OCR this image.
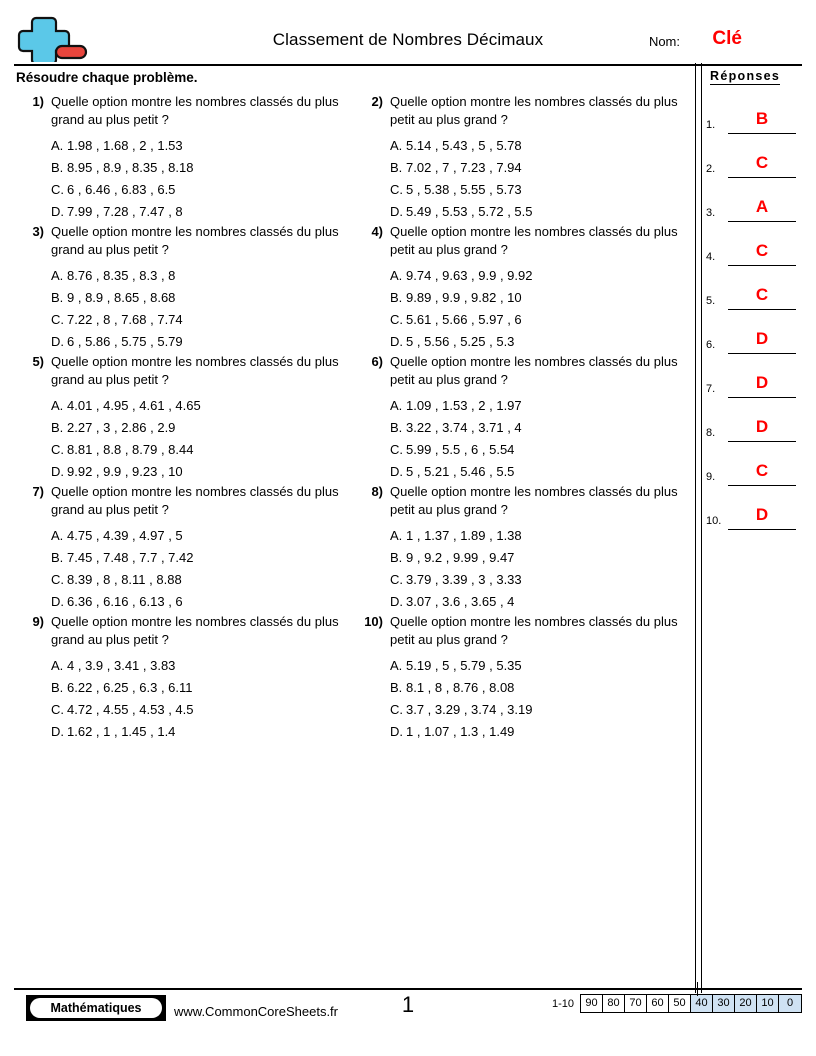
Classement de Nombres Décimaux	Nom: Clé
Résoudre chaque problème.
1) Quelle option montre les nombres classés du plus grand au plus petit ?
A. 1.98 , 1.68 , 2 , 1.53
B. 8.95 , 8.9 , 8.35 , 8.18
C. 6 , 6.46 , 6.83 , 6.5
D. 7.99 , 7.28 , 7.47 , 8
2) Quelle option montre les nombres classés du plus petit au plus grand ?
A. 5.14 , 5.43 , 5 , 5.78
B. 7.02 , 7 , 7.23 , 7.94
C. 5 , 5.38 , 5.55 , 5.73
D. 5.49 , 5.53 , 5.72 , 5.5
3) Quelle option montre les nombres classés du plus grand au plus petit ?
A. 8.76 , 8.35 , 8.3 , 8
B. 9 , 8.9 , 8.65 , 8.68
C. 7.22 , 8 , 7.68 , 7.74
D. 6 , 5.86 , 5.75 , 5.79
4) Quelle option montre les nombres classés du plus petit au plus grand ?
A. 9.74 , 9.63 , 9.9 , 9.92
B. 9.89 , 9.9 , 9.82 , 10
C. 5.61 , 5.66 , 5.97 , 6
D. 5 , 5.56 , 5.25 , 5.3
5) Quelle option montre les nombres classés du plus grand au plus petit ?
A. 4.01 , 4.95 , 4.61 , 4.65
B. 2.27 , 3 , 2.86 , 2.9
C. 8.81 , 8.8 , 8.79 , 8.44
D. 9.92 , 9.9 , 9.23 , 10
6) Quelle option montre les nombres classés du plus petit au plus grand ?
A. 1.09 , 1.53 , 2 , 1.97
B. 3.22 , 3.74 , 3.71 , 4
C. 5.99 , 5.5 , 6 , 5.54
D. 5 , 5.21 , 5.46 , 5.5
7) Quelle option montre les nombres classés du plus grand au plus petit ?
A. 4.75 , 4.39 , 4.97 , 5
B. 7.45 , 7.48 , 7.7 , 7.42
C. 8.39 , 8 , 8.11 , 8.88
D. 6.36 , 6.16 , 6.13 , 6
8) Quelle option montre les nombres classés du plus petit au plus grand ?
A. 1 , 1.37 , 1.89 , 1.38
B. 9 , 9.2 , 9.99 , 9.47
C. 3.79 , 3.39 , 3 , 3.33
D. 3.07 , 3.6 , 3.65 , 4
9) Quelle option montre les nombres classés du plus grand au plus petit ?
A. 4 , 3.9 , 3.41 , 3.83
B. 6.22 , 6.25 , 6.3 , 6.11
C. 4.72 , 4.55 , 4.53 , 4.5
D. 1.62 , 1 , 1.45 , 1.4
10) Quelle option montre les nombres classés du plus petit au plus grand ?
A. 5.19 , 5 , 5.79 , 5.35
B. 8.1 , 8 , 8.76 , 8.08
C. 3.7 , 3.29 , 3.74 , 3.19
D. 1 , 1.07 , 1.3 , 1.49
Réponses
1.	B
2.	C
3.	A
4.	C
5.	C
6.	D
7.	D
8.	D
9.	C
10.	D
Mathématiques	www.CommonCoreSheets.fr	1	1-10	90 80 70 60 50 40 30 20 10	0
